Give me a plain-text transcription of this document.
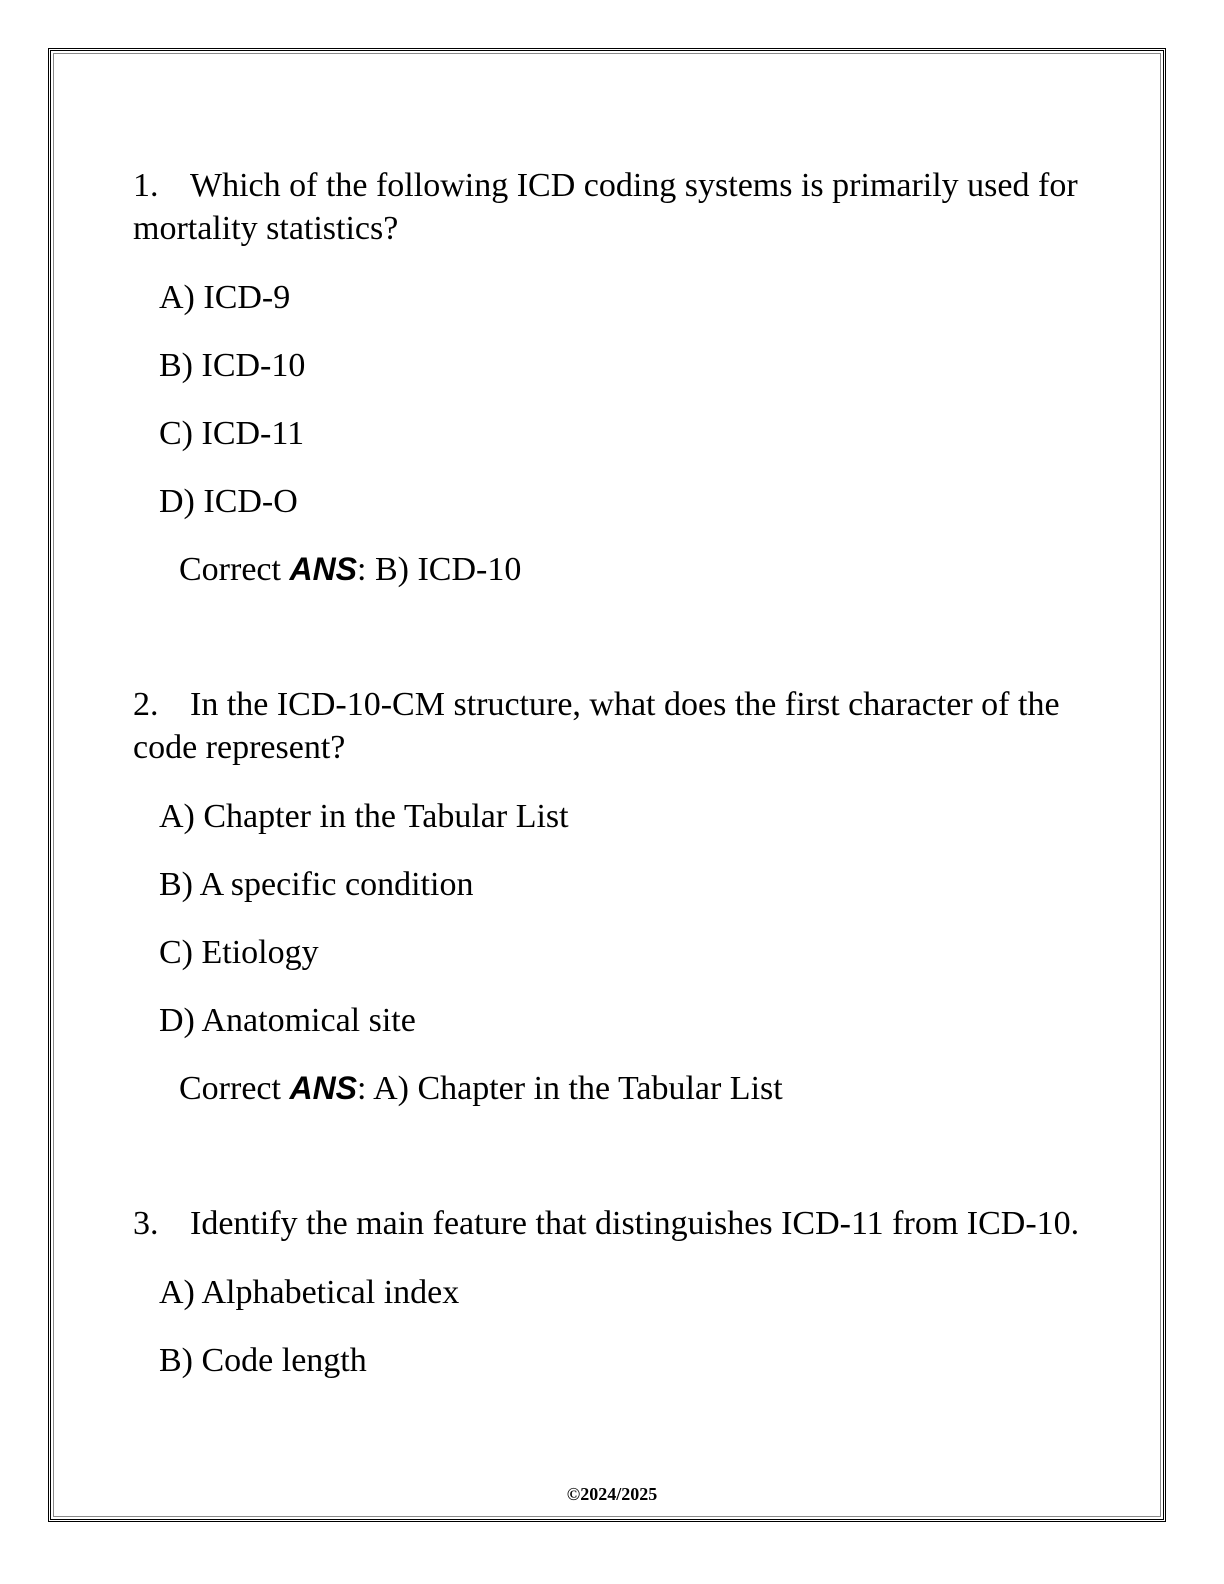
1. Which of the following ICD coding systems is primarily used for mortality statistics?

A) ICD-9

B) ICD-10

C) ICD-11

D) ICD-O

Correct ANS: B) ICD-10

2. In the ICD-10-CM structure, what does the first character of the code represent?

A) Chapter in the Tabular List

B) A specific condition

C) Etiology

D) Anatomical site

Correct ANS: A) Chapter in the Tabular List

3. Identify the main feature that distinguishes ICD-11 from ICD-10.

A) Alphabetical index

B) Code length

©2024/2025
